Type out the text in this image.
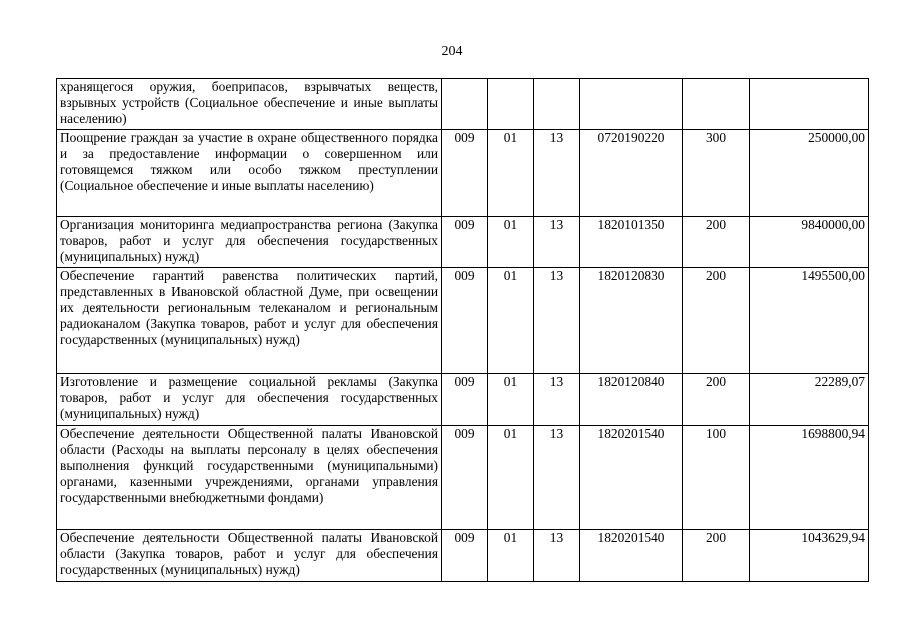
204
хранящегося оружия, боеприпасов, взрывчатых веществ, взрывных устройств (Социальное обеспечение и иные выплаты населению)						
Поощрение граждан за участие в охране общественного порядка и за предоставление информации о совершенном или готовящемся тяжком или особо тяжком преступлении (Социальное обеспечение и иные выплаты населению)	009	01	13	0720190220	300	250000,00
Организация мониторинга медиапространства региона (Закупка товаров, работ и услуг для обеспечения государственных (муниципальных) нужд)	009	01	13	1820101350	200	9840000,00
Обеспечение гарантий равенства политических партий, представленных в Ивановской областной Думе, при освещении их деятельности региональным телеканалом и региональным радиоканалом (Закупка товаров, работ и услуг для обеспечения государственных (муниципальных) нужд)	009	01	13	1820120830	200	1495500,00
Изготовление и размещение социальной рекламы (Закупка товаров, работ и услуг для обеспечения государственных (муниципальных) нужд)	009	01	13	1820120840	200	22289,07
Обеспечение деятельности Общественной палаты Ивановской области (Расходы на выплаты персоналу в целях обеспечения выполнения функций государственными (муниципальными) органами, казенными учреждениями, органами управления государственными внебюджетными фондами)	009	01	13	1820201540	100	1698800,94
Обеспечение деятельности Общественной палаты Ивановской области (Закупка товаров, работ и услуг для обеспечения государственных (муниципальных) нужд)	009	01	13	1820201540	200	1043629,94
